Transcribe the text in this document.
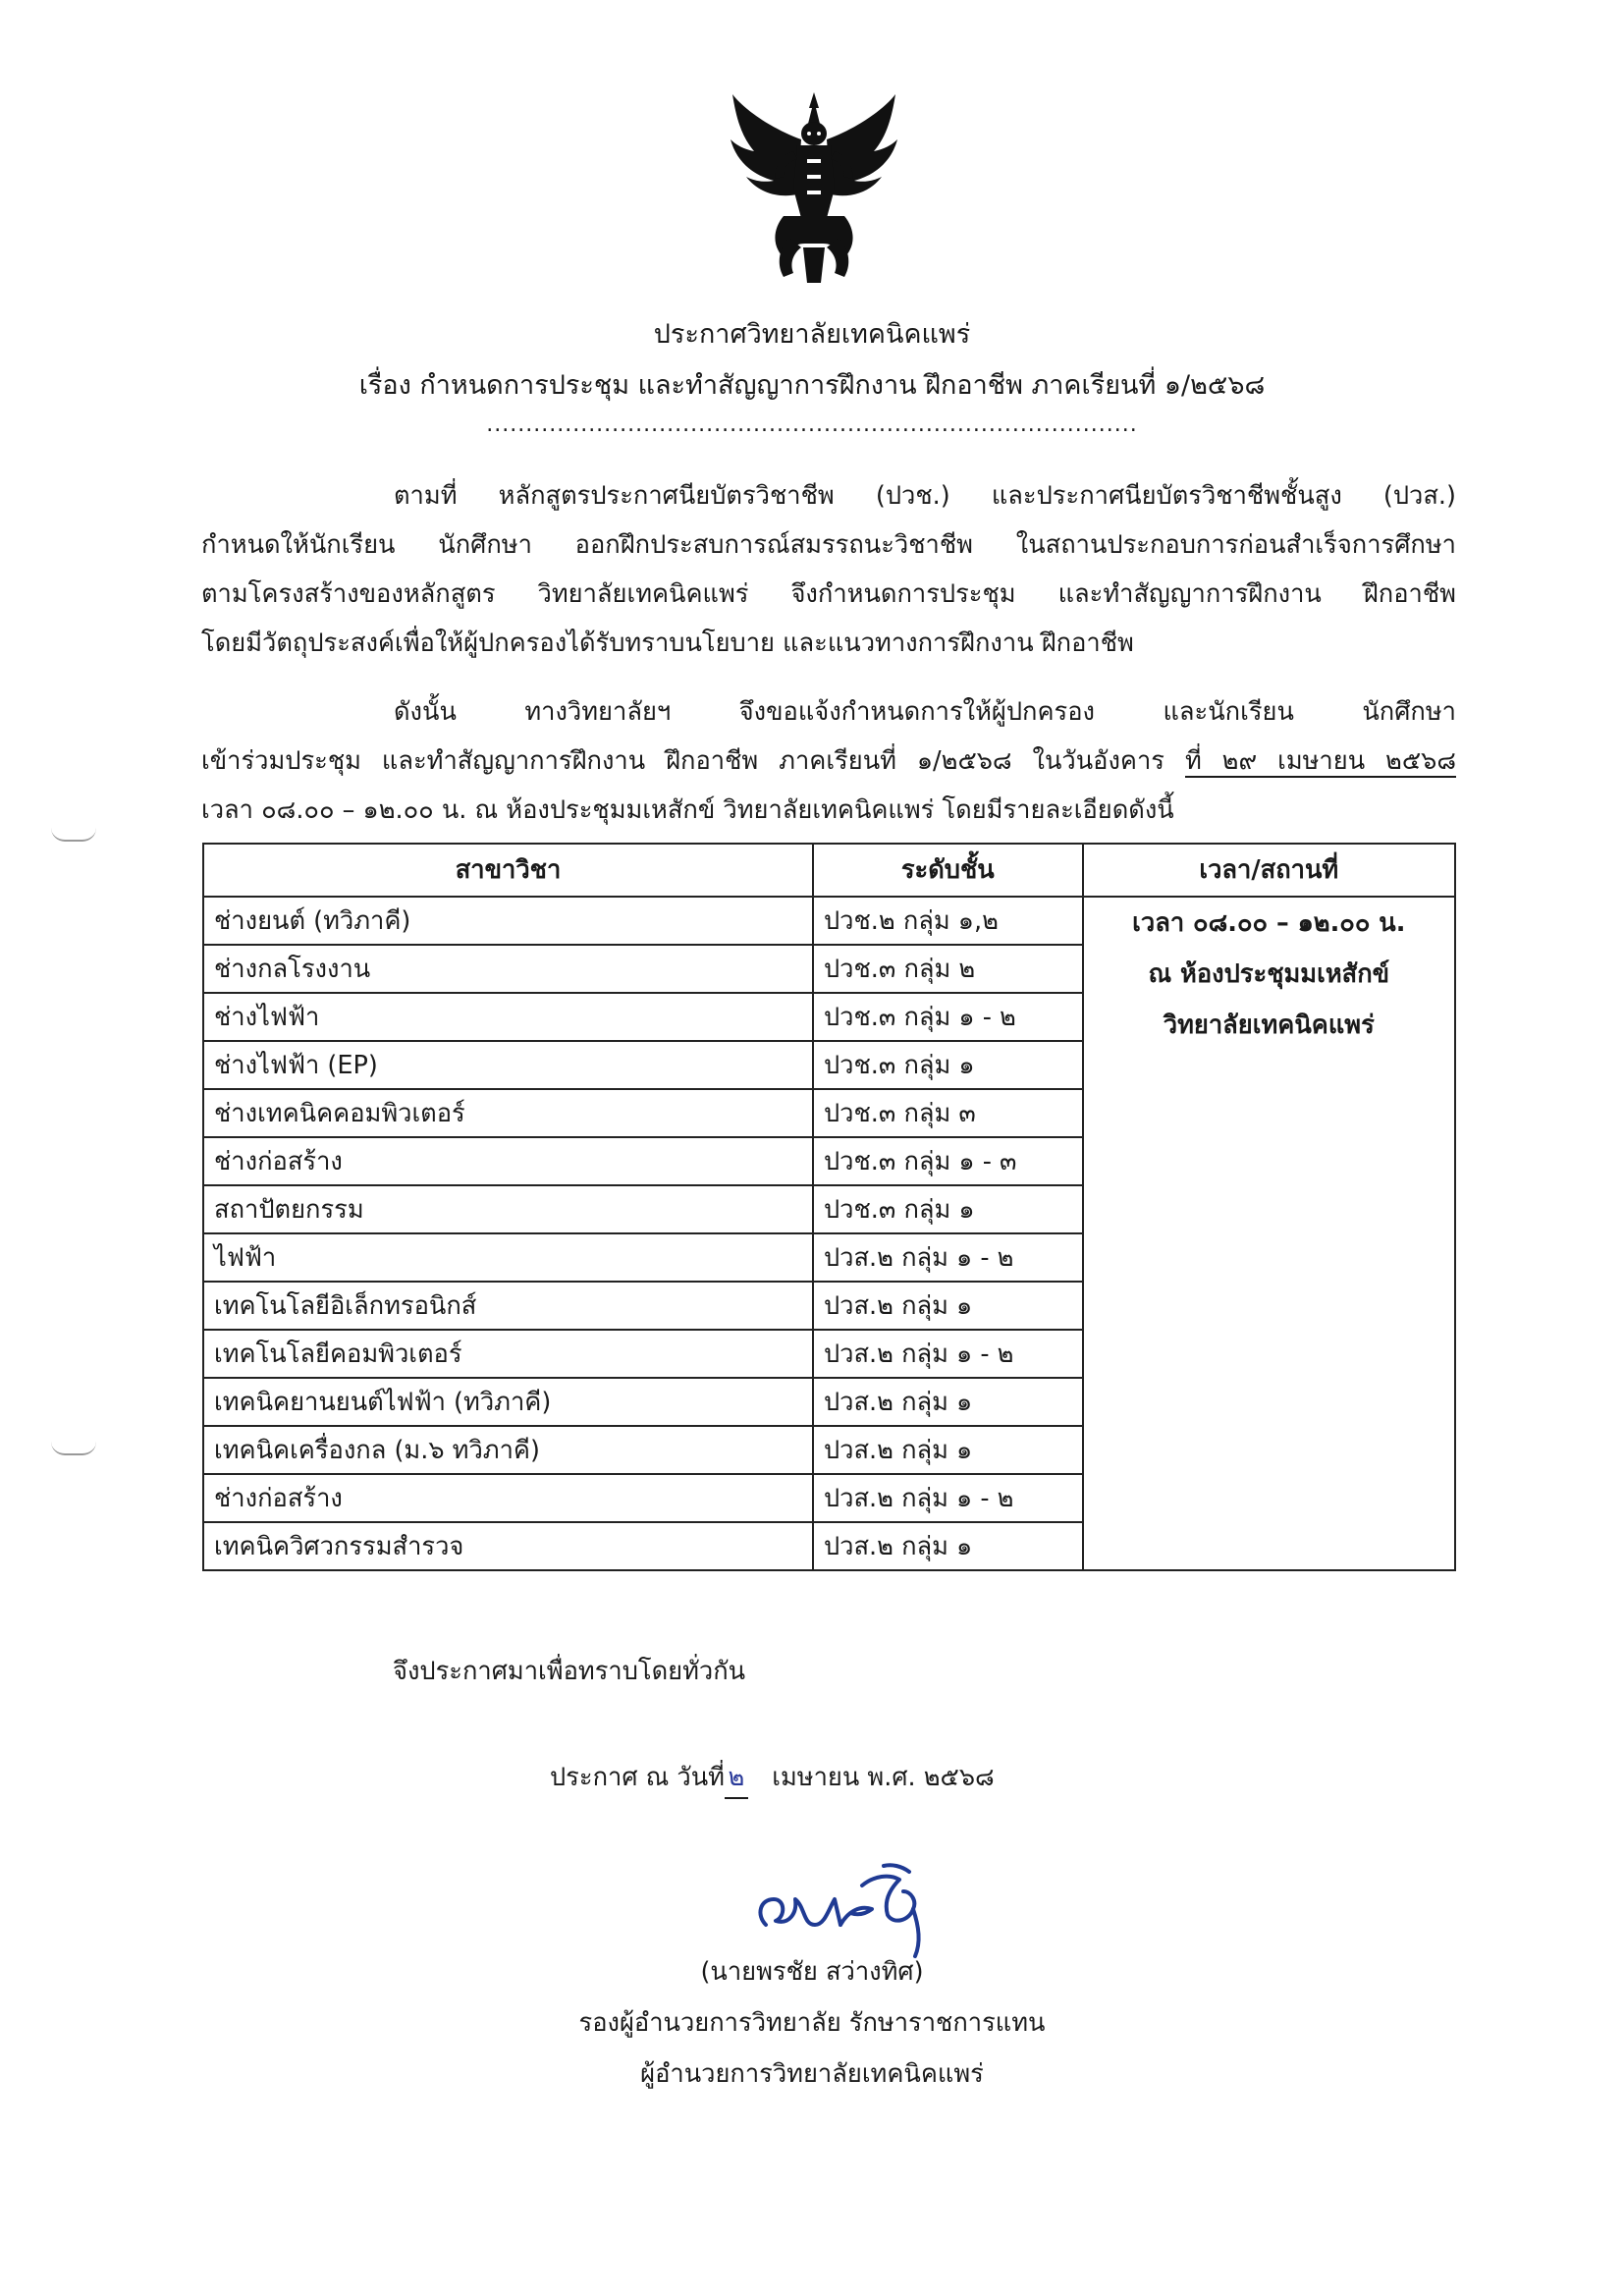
ประกาศวิทยาลัยเทคนิคแพร่
เรื่อง กำหนดการประชุม และทำสัญญาการฝึกงาน ฝึกอาชีพ ภาคเรียนที่ ๑/๒๕๖๘
...................................................................................
ตามที่ หลักสูตรประกาศนียบัตรวิชาชีพ (ปวช.) และประกาศนียบัตรวิชาชีพชั้นสูง (ปวส.)
กำหนดให้นักเรียน นักศึกษา ออกฝึกประสบการณ์สมรรถนะวิชาชีพ ในสถานประกอบการก่อนสำเร็จการศึกษา
ตามโครงสร้างของหลักสูตร วิทยาลัยเทคนิคแพร่ จึงกำหนดการประชุม และทำสัญญาการฝึกงาน ฝึกอาชีพ
โดยมีวัตถุประสงค์เพื่อให้ผู้ปกครองได้รับทราบนโยบาย และแนวทางการฝึกงาน ฝึกอาชีพ
ดังนั้น ทางวิทยาลัยฯ จึงขอแจ้งกำหนดการให้ผู้ปกครอง และนักเรียน นักศึกษา
เข้าร่วมประชุม และทำสัญญาการฝึกงาน ฝึกอาชีพ ภาคเรียนที่ ๑/๒๕๖๘ ในวันอังคาร ที่ ๒๙ เมษายน ๒๕๖๘
เวลา ๐๘.๐๐ – ๑๒.๐๐ น. ณ ห้องประชุมมเหสักข์ วิทยาลัยเทคนิคแพร่ โดยมีรายละเอียดดังนี้
สาขาวิชา	ระดับชั้น	เวลา/สถานที่
ช่างยนต์ (ทวิภาคี)	ปวช.๒ กลุ่ม ๑,๒	เวลา ๐๘.๐๐ – ๑๒.๐๐ น.
ณ ห้องประชุมมเหสักข์
วิทยาลัยเทคนิคแพร่

ช่างกลโรงงาน	ปวช.๓ กลุ่ม ๒	
ช่างไฟฟ้า	ปวช.๓ กลุ่ม ๑ - ๒	
ช่างไฟฟ้า (EP)	ปวช.๓ กลุ่ม ๑	
ช่างเทคนิคคอมพิวเตอร์	ปวช.๓ กลุ่ม ๓	
ช่างก่อสร้าง	ปวช.๓ กลุ่ม ๑ - ๓	
สถาปัตยกรรม	ปวช.๓ กลุ่ม ๑	
ไฟฟ้า	ปวส.๒ กลุ่ม ๑ - ๒	
เทคโนโลยีอิเล็กทรอนิกส์	ปวส.๒ กลุ่ม ๑	
เทคโนโลยีคอมพิวเตอร์	ปวส.๒ กลุ่ม ๑ - ๒	
เทคนิคยานยนต์ไฟฟ้า (ทวิภาคี)	ปวส.๒ กลุ่ม ๑	
เทคนิคเครื่องกล (ม.๖ ทวิภาคี)	ปวส.๒ กลุ่ม ๑	
ช่างก่อสร้าง	ปวส.๒ กลุ่ม ๑ - ๒	
เทคนิควิศวกรรมสำรวจ	ปวส.๒ กลุ่ม ๑	
จึงประกาศมาเพื่อทราบโดยทั่วกัน
ประกาศ ณ วันที่ ๒ เมษายน พ.ศ. ๒๕๖๘
(นายพรชัย สว่างทิศ)
รองผู้อำนวยการวิทยาลัย รักษาราชการแทน
ผู้อำนวยการวิทยาลัยเทคนิคแพร่
